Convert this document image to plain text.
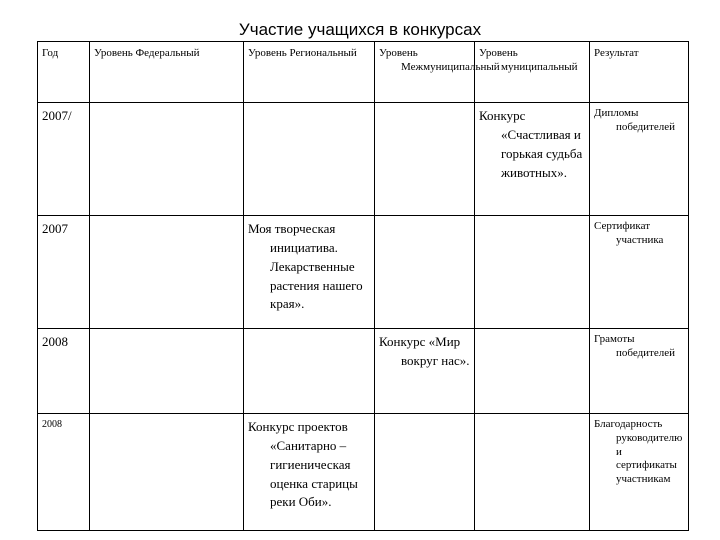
Участие учащихся в конкурсах
Год	Уровень Федеральный	Уровень Региональный	Уровень Межмуниципальный	Уровень муниципальный	Результат
2007/				Конкурс «Счастливая и горькая судьба животных».	Дипломы победителей

2007		Моя творческая инициатива. Лекарственные растения нашего края».			Сертификат участника

2008			Конкурс «Мир вокруг нас».		Грамоты победителей

2008		Конкурс проектов «Санитарно – гигиеническая оценка старицы реки Оби».			Благодарность руководителю и сертификаты участникам
